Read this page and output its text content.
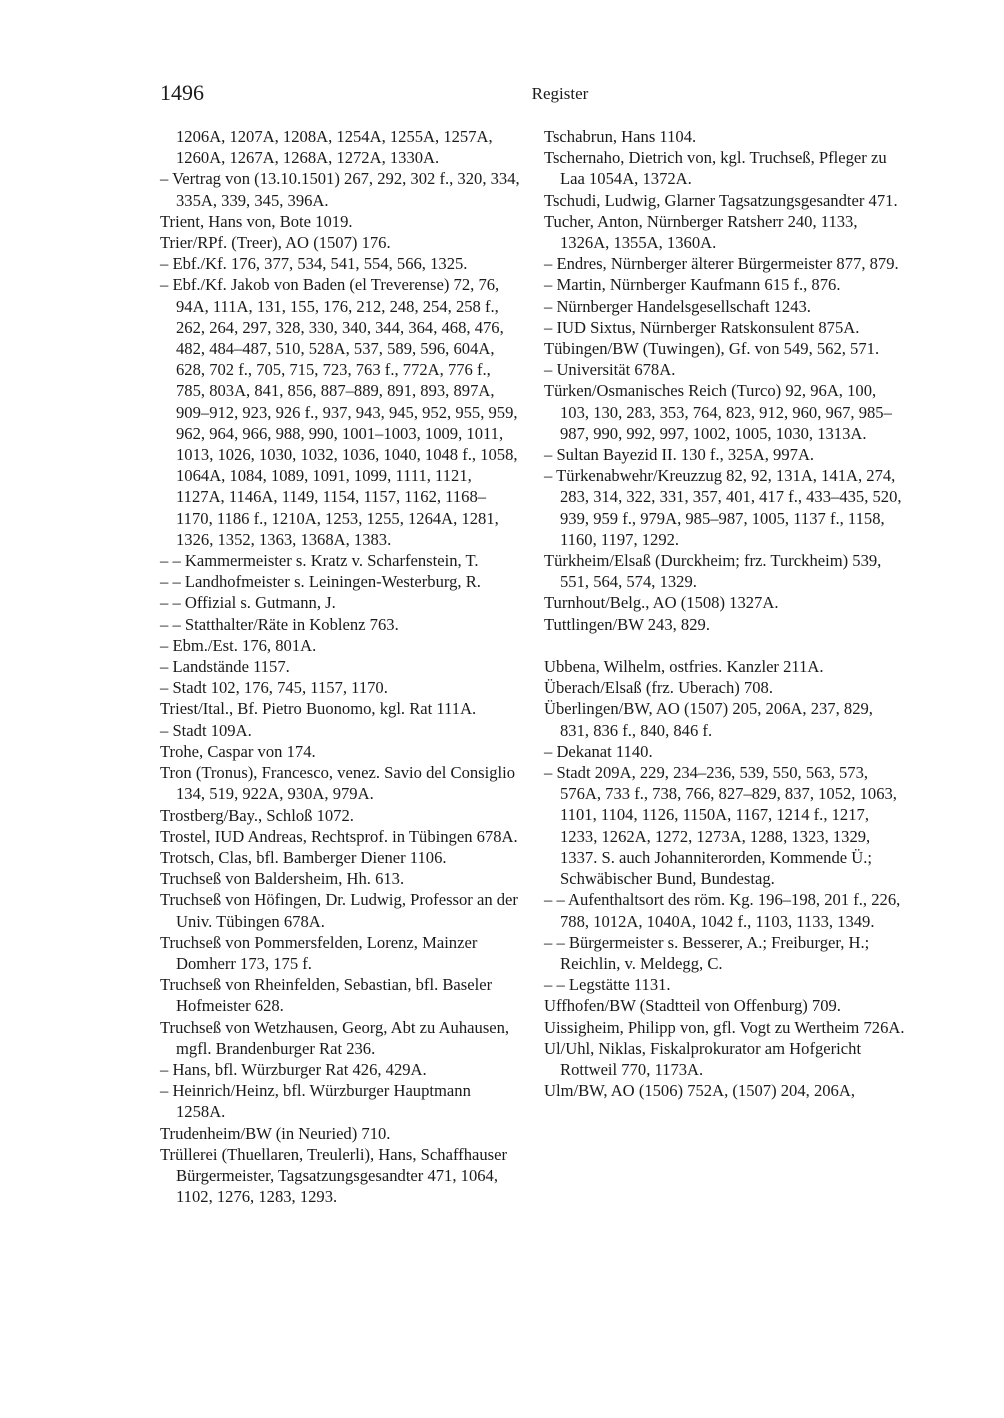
1496	Register
1206A, 1207A, 1208A, 1254A, 1255A, 1257A, 1260A, 1267A, 1268A, 1272A, 1330A.
– Vertrag von (13.10.1501) 267, 292, 302 f., 320, 334, 335A, 339, 345, 396A.
Trient, Hans von, Bote 1019.
Trier/RPf. (Treer), AO (1507) 176.
– Ebf./Kf. 176, 377, 534, 541, 554, 566, 1325.
– Ebf./Kf. Jakob von Baden (el Treverense) 72, 76, 94A, 111A, 131, 155, 176, 212, 248, 254, 258 f., 262, 264, 297, 328, 330, 340, 344, 364, 468, 476, 482, 484–487, 510, 528A, 537, 589, 596, 604A, 628, 702 f., 705, 715, 723, 763 f., 772A, 776 f., 785, 803A, 841, 856, 887–889, 891, 893, 897A, 909–912, 923, 926 f., 937, 943, 945, 952, 955, 959, 962, 964, 966, 988, 990, 1001–1003, 1009, 1011, 1013, 1026, 1030, 1032, 1036, 1040, 1048 f., 1058, 1064A, 1084, 1089, 1091, 1099, 1111, 1121, 1127A, 1146A, 1149, 1154, 1157, 1162, 1168–1170, 1186 f., 1210A, 1253, 1255, 1264A, 1281, 1326, 1352, 1363, 1368A, 1383.
– – Kammermeister s. Kratz v. Scharfenstein, T.
– – Landhofmeister s. Leiningen-Westerburg, R.
– – Offizial s. Gutmann, J.
– – Statthalter/Räte in Koblenz 763.
– Ebm./Est. 176, 801A.
– Landstände 1157.
– Stadt 102, 176, 745, 1157, 1170.
Triest/Ital., Bf. Pietro Buonomo, kgl. Rat 111A.
– Stadt 109A.
Trohe, Caspar von 174.
Tron (Tronus), Francesco, venez. Savio del Consiglio 134, 519, 922A, 930A, 979A.
Trostberg/Bay., Schloß 1072.
Trostel, IUD Andreas, Rechtsprof. in Tübingen 678A.
Trotsch, Clas, bfl. Bamberger Diener 1106.
Truchseß von Baldersheim, Hh. 613.
Truchseß von Höfingen, Dr. Ludwig, Professor an der Univ. Tübingen 678A.
Truchseß von Pommersfelden, Lorenz, Mainzer Domherr 173, 175 f.
Truchseß von Rheinfelden, Sebastian, bfl. Baseler Hofmeister 628.
Truchseß von Wetzhausen, Georg, Abt zu Auhausen, mgfl. Brandenburger Rat 236.
– Hans, bfl. Würzburger Rat 426, 429A.
– Heinrich/Heinz, bfl. Würzburger Hauptmann 1258A.
Trudenheim/BW (in Neuried) 710.
Trüllerei (Thuellaren, Treulerli), Hans, Schaffhauser Bürgermeister, Tagsatzungsgesandter 471, 1064, 1102, 1276, 1283, 1293.
Tschabrun, Hans 1104.
Tschernaho, Dietrich von, kgl. Truchseß, Pfleger zu Laa 1054A, 1372A.
Tschudi, Ludwig, Glarner Tagsatzungsgesandter 471.
Tucher, Anton, Nürnberger Ratsherr 240, 1133, 1326A, 1355A, 1360A.
– Endres, Nürnberger älterer Bürgermeister 877, 879.
– Martin, Nürnberger Kaufmann 615 f., 876.
– Nürnberger Handelsgesellschaft 1243.
– IUD Sixtus, Nürnberger Ratskonsulent 875A.
Tübingen/BW (Tuwingen), Gf. von 549, 562, 571.
– Universität 678A.
Türken/Osmanisches Reich (Turco) 92, 96A, 100, 103, 130, 283, 353, 764, 823, 912, 960, 967, 985–987, 990, 992, 997, 1002, 1005, 1030, 1313A.
– Sultan Bayezid II. 130 f., 325A, 997A.
– Türkenabwehr/Kreuzzug 82, 92, 131A, 141A, 274, 283, 314, 322, 331, 357, 401, 417 f., 433–435, 520, 939, 959 f., 979A, 985–987, 1005, 1137 f., 1158, 1160, 1197, 1292.
Türkheim/Elsaß (Durckheim; frz. Turckheim) 539, 551, 564, 574, 1329.
Turnhout/Belg., AO (1508) 1327A.
Tuttlingen/BW 243, 829.
Ubbena, Wilhelm, ostfries. Kanzler 211A.
Überach/Elsaß (frz. Uberach) 708.
Überlingen/BW, AO (1507) 205, 206A, 237, 829, 831, 836 f., 840, 846 f.
– Dekanat 1140.
– Stadt 209A, 229, 234–236, 539, 550, 563, 573, 576A, 733 f., 738, 766, 827–829, 837, 1052, 1063, 1101, 1104, 1126, 1150A, 1167, 1214 f., 1217, 1233, 1262A, 1272, 1273A, 1288, 1323, 1329, 1337. S. auch Johanniterorden, Kommende Ü.; Schwäbischer Bund, Bundestag.
– – Aufenthaltsort des röm. Kg. 196–198, 201 f., 226, 788, 1012A, 1040A, 1042 f., 1103, 1133, 1349.
– – Bürgermeister s. Besserer, A.; Freiburger, H.; Reichlin, v. Meldegg, C.
– – Legstätte 1131.
Uffhofen/BW (Stadtteil von Offenburg) 709.
Uissigheim, Philipp von, gfl. Vogt zu Wertheim 726A.
Ul/Uhl, Niklas, Fiskalprokurator am Hofgericht Rottweil 770, 1173A.
Ulm/BW, AO (1506) 752A, (1507) 204, 206A,
